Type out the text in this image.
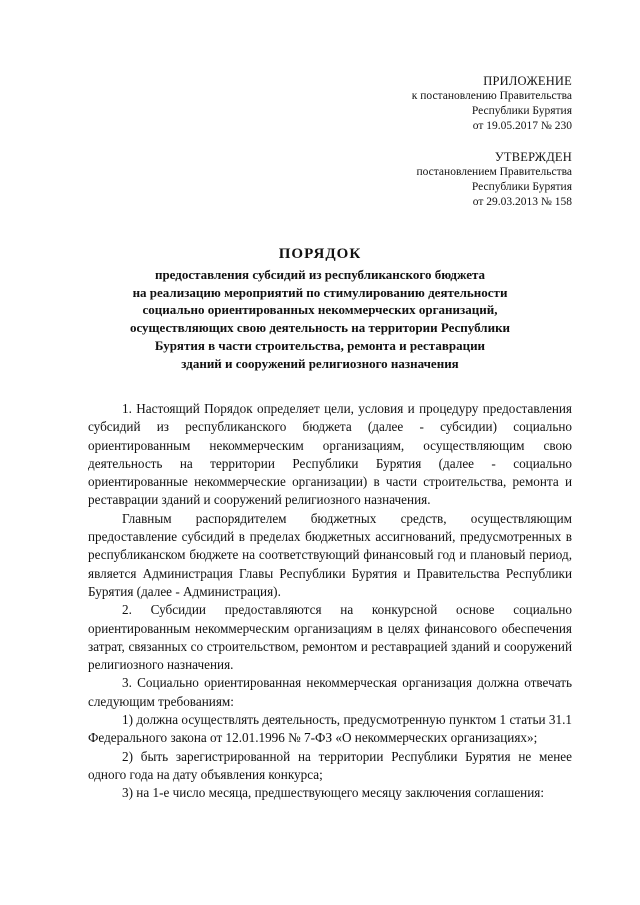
ПРИЛОЖЕНИЕ
к постановлению Правительства
Республики Бурятия
от 19.05.2017 № 230
УТВЕРЖДЕН
постановлением Правительства
Республики Бурятия
от 29.03.2013 № 158
ПОРЯДОК
предоставления субсидий из республиканского бюджета
на реализацию мероприятий по стимулированию деятельности
социально ориентированных некоммерческих организаций,
осуществляющих свою деятельность на территории Республики
Бурятия в части строительства, ремонта и реставрации
зданий и сооружений религиозного назначения

1. Настоящий Порядок определяет цели, условия и процедуру предоставления субсидий из республиканского бюджета (далее - субсидии) социально ориентированным некоммерческим организациям, осуществляющим свою деятельность на территории Республики Бурятия (далее - социально ориентированные некоммерческие организации) в части строительства, ремонта и реставрации зданий и сооружений религиозного назначения.

Главным распорядителем бюджетных средств, осуществляющим предоставление субсидий в пределах бюджетных ассигнований, предусмотренных в республиканском бюджете на соответствующий финансовый год и плановый период, является Администрация Главы Республики Бурятия и Правительства Республики Бурятия (далее - Администрация).

2. Субсидии предоставляются на конкурсной основе социально ориентированным некоммерческим организациям в целях финансового обеспечения затрат, связанных со строительством, ремонтом и реставрацией зданий и сооружений религиозного назначения.

3. Социально ориентированная некоммерческая организация должна отвечать следующим требованиям:

1) должна осуществлять деятельность, предусмотренную пунктом 1 статьи 31.1 Федерального закона от 12.01.1996 № 7-ФЗ «О некоммерческих организациях»;

2) быть зарегистрированной на территории Республики Бурятия не менее одного года на дату объявления конкурса;

3) на 1-е число месяца, предшествующего месяцу заключения соглашения:
